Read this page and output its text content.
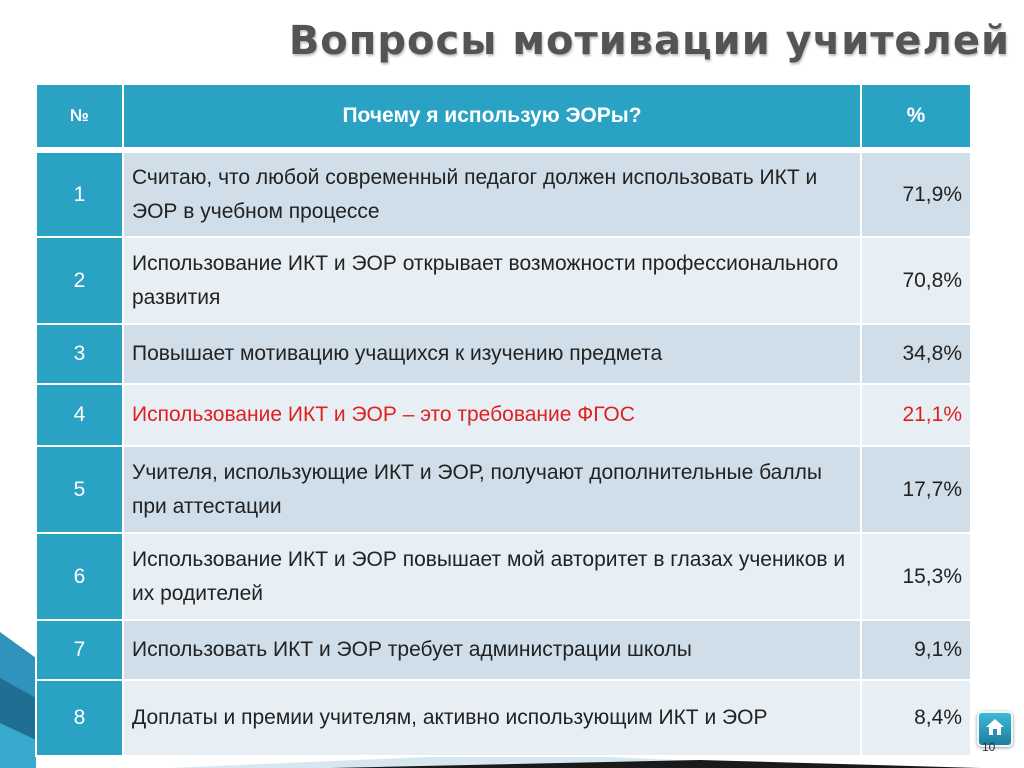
Вопросы мотивации учителей
№	Почему я использую ЭОРы?	%
1	Считаю, что любой современный педагог должен использовать ИКТ и ЭОР в учебном процессе	71,9%
2	Использование ИКТ и ЭОР открывает возможности профессионального развития	70,8%
3	Повышает мотивацию учащихся к изучению предмета	34,8%
4	Использование ИКТ и ЭОР – это требование ФГОС	21,1%
5	Учителя, использующие ИКТ и ЭОР, получают дополнительные баллы при аттестации	17,7%
6	Использование ИКТ и ЭОР повышает мой авторитет в глазах учеников и их родителей	15,3%
7	Использовать ИКТ и ЭОР требует администрации школы	9,1%
8	Доплаты и премии учителям, активно использующим ИКТ и ЭОР	8,4%
10
